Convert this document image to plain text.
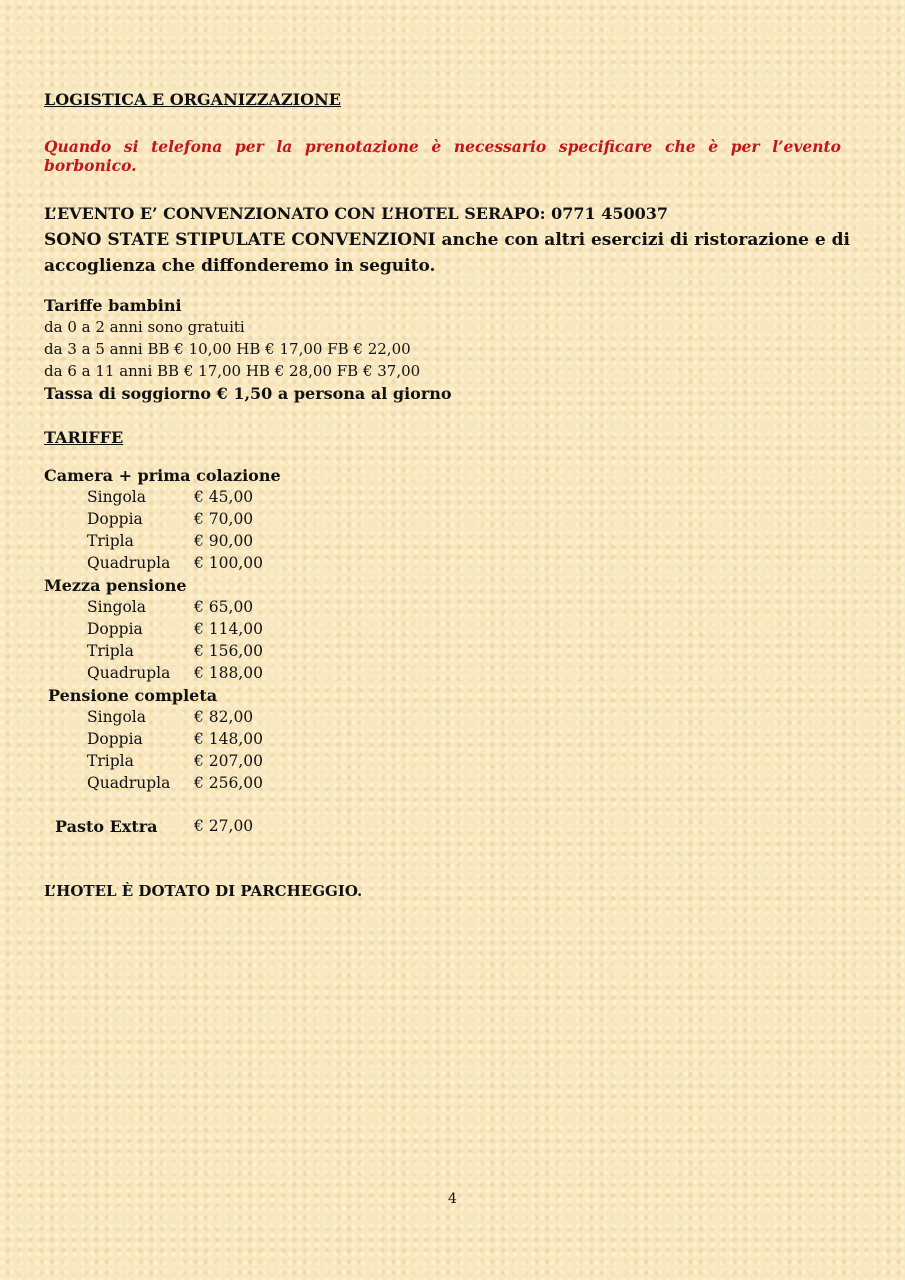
LOGISTICA E ORGANIZZAZIONE
Quando si telefona per la prenotazione è necessario specificare che è per l’evento borbonico.
L’EVENTO E’ CONVENZIONATO CON L’HOTEL SERAPO: 0771 450037
SONO STATE STIPULATE CONVENZIONI anche con altri esercizi di ristorazione e di accoglienza che diffonderemo in seguito.
Tariffe bambini
da 0 a 2 anni sono gratuiti
da 3 a 5 anni BB € 10,00 HB € 17,00 FB € 22,00
da 6 a 11 anni BB € 17,00 HB € 28,00 FB € 37,00
Tassa di soggiorno € 1,50 a persona al giorno
TARIFFE
Camera + prima colazione
Singola	€ 45,00
Doppia	€ 70,00
Tripla	€ 90,00
Quadrupla € 100,00
Mezza pensione
Singola	€ 65,00
Doppia	€ 114,00
Tripla	€ 156,00
Quadrupla € 188,00
Pensione completa
Singola	€ 82,00
Doppia	€ 148,00
Tripla	€ 207,00
Quadrupla € 256,00
Pasto Extra € 27,00
L’HOTEL È DOTATO DI PARCHEGGIO.
4
